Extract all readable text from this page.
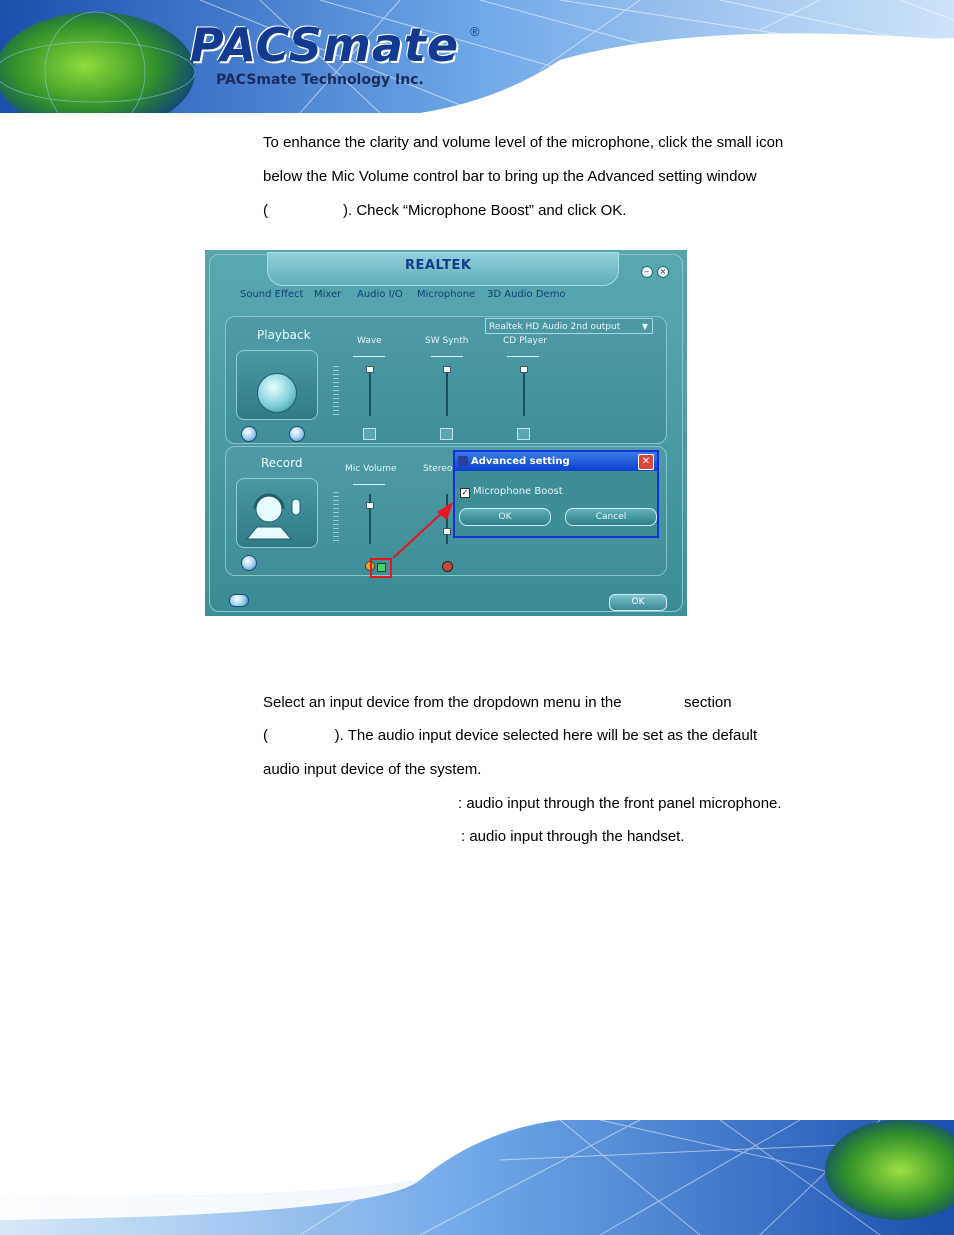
PACSmate ®
PACSmate Technology Inc.
To enhance the clarity and volume level of the microphone, click the small icon
below the Mic Volume control bar to bring up the Advanced setting window
(                  ). Check “Microphone Boost” and click OK.
REALTEK	–	×
Sound Effect Mixer Audio I/O Microphone 3D Audio Demo
Playback
Realtek HD Audio 2nd output	▼
Wave	SW Synth	CD Player
Record	Mic Volume	Stereo
Advanced setting	✕
✓ Microphone Boost
OK	Cancel
OK
Select an input device from the dropdown menu in the               section
(                ). The audio input device selected here will be set as the default
audio input device of the system.
: audio input through the front panel microphone.
: audio input through the handset.
